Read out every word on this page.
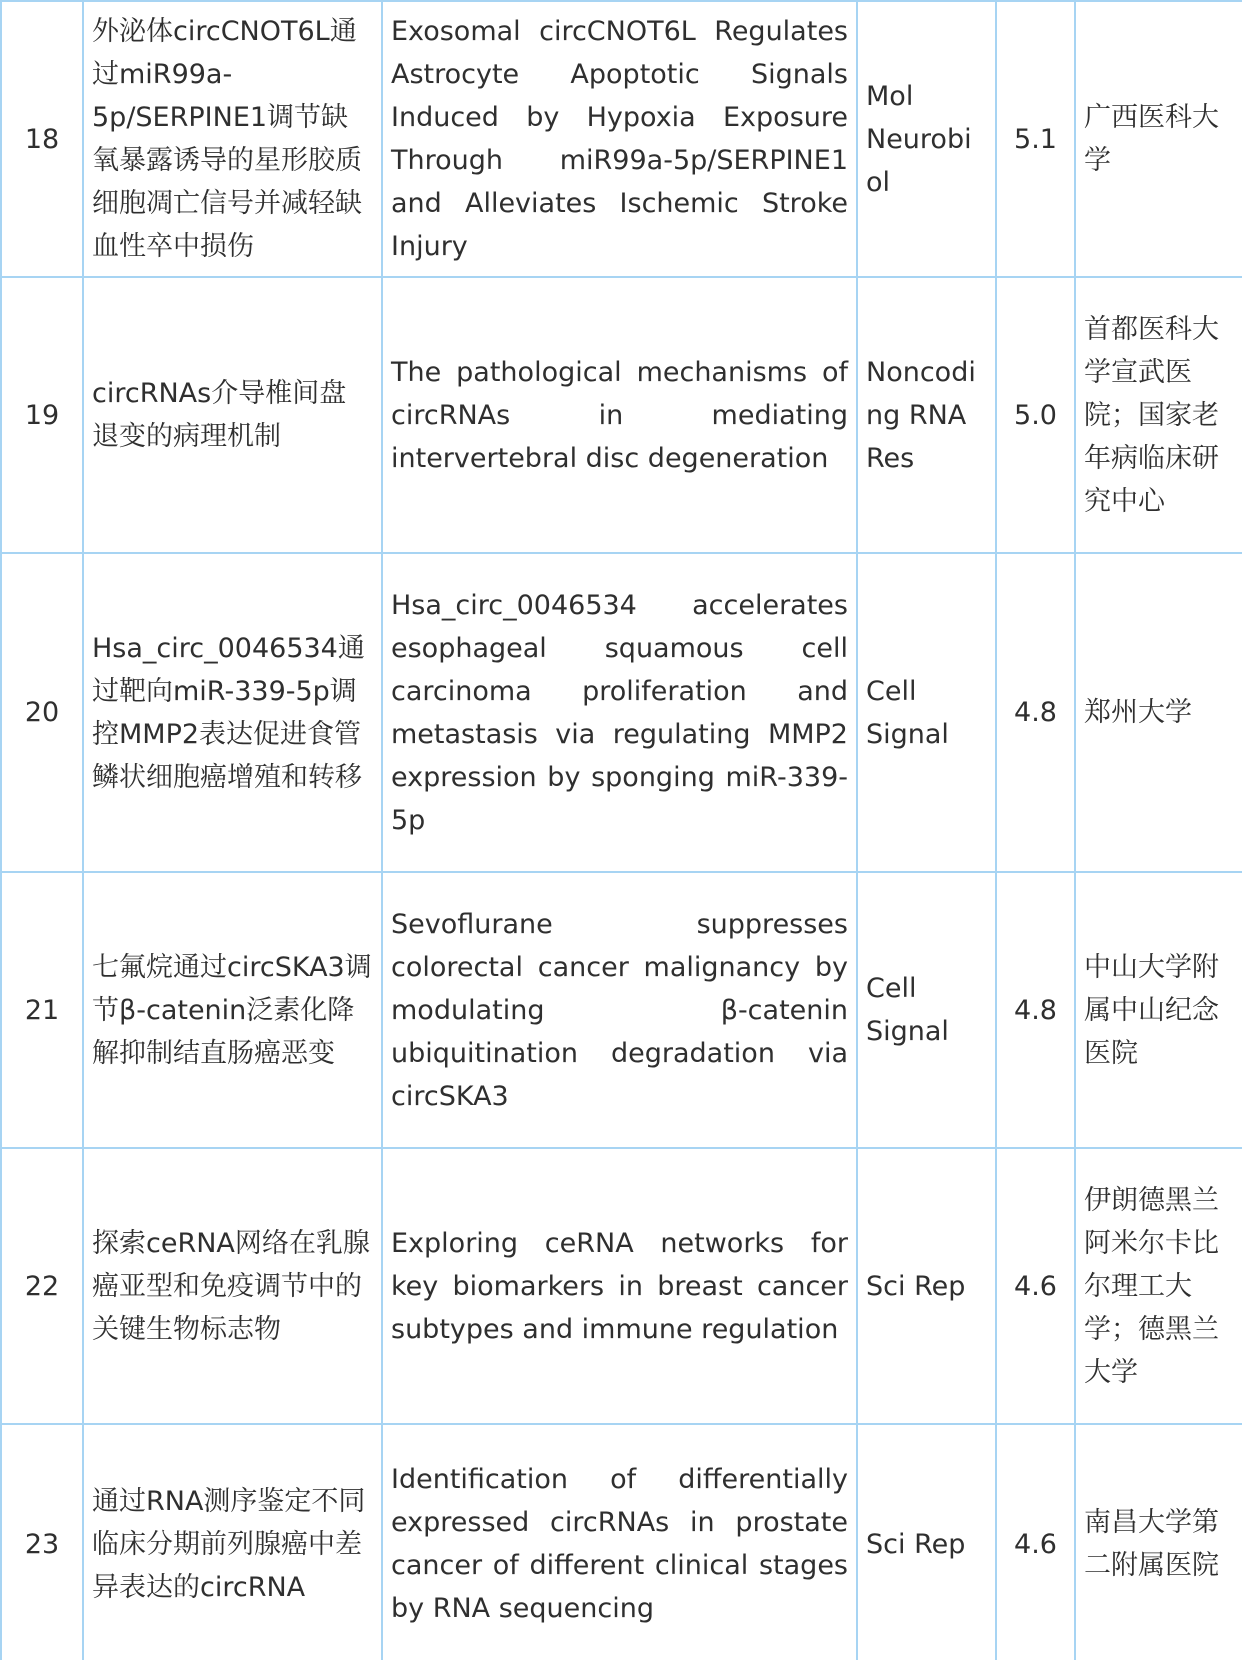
18	外泌体circCNOT6L通过miR99a-5p/SERPINE1调节缺氧暴露诱导的星形胶质细胞凋亡信号并减轻缺血性卒中损伤	Exosomal circCNOT6L Regulates Astrocyte Apoptotic Signals Induced by Hypoxia Exposure Through miR99a-5p/SERPINE1 and Alleviates Ischemic Stroke Injury	Mol Neurobiol	5.1	广西医科大学
19	circRNAs介导椎间盘退变的病理机制	The pathological mechanisms of circRNAs in mediating intervertebral disc degeneration	Noncoding RNA Res	5.0	首都医科大学宣武医院；国家老年病临床研究中心
20	Hsa_circ_0046534通过靶向miR-339-5p调控MMP2表达促进食管鳞状细胞癌增殖和转移	Hsa_circ_0046534 accelerates esophageal squamous cell carcinoma proliferation and metastasis via regulating MMP2 expression by sponging miR-339-5p	Cell Signal	4.8	郑州大学
21	七氟烷通过circSKA3调节β-catenin泛素化降解抑制结直肠癌恶变	Sevoflurane suppresses colorectal cancer malignancy by modulating β-catenin ubiquitination degradation via circSKA3	Cell Signal	4.8	中山大学附属中山纪念医院
22	探索ceRNA网络在乳腺癌亚型和免疫调节中的关键生物标志物	Exploring ceRNA networks for key biomarkers in breast cancer subtypes and immune regulation	Sci Rep	4.6	伊朗德黑兰阿米尔卡比尔理工大学；德黑兰大学
23	通过RNA测序鉴定不同临床分期前列腺癌中差异表达的circRNA	Identification of differentially expressed circRNAs in prostate cancer of different clinical stages by RNA sequencing	Sci Rep	4.6	南昌大学第二附属医院
